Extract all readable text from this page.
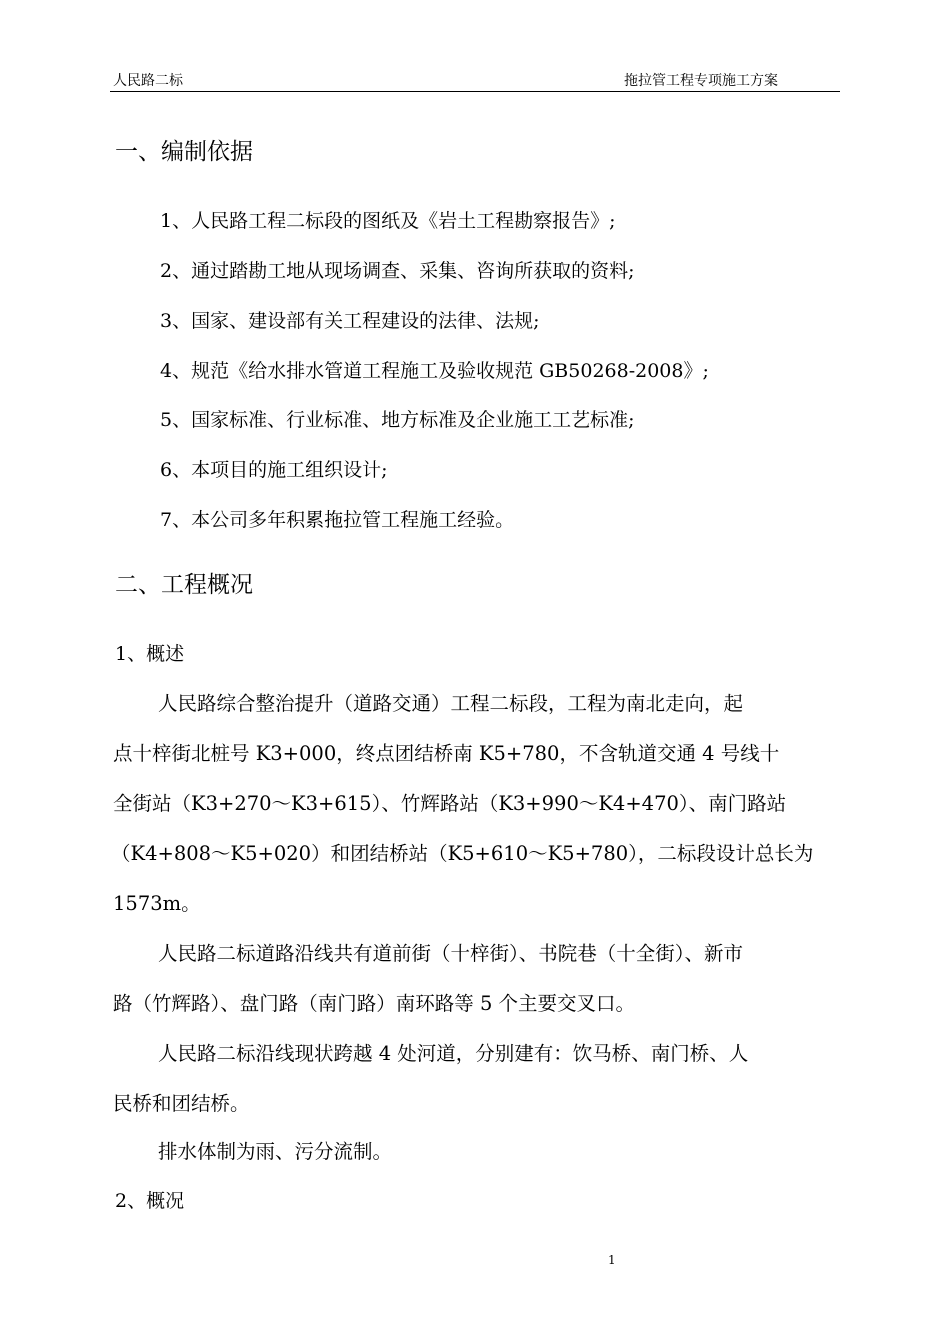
人民路二标	拖拉管工程专项施工方案
一、编制依据
1、人民路工程二标段的图纸及《岩土工程勘察报告》;
2、通过踏勘工地从现场调查、采集、咨询所获取的资料;
3、国家、建设部有关工程建设的法律、法规;
4、规范《给水排水管道工程施工及验收规范 GB50268-2008》;
5、国家标准、行业标准、地方标准及企业施工工艺标准;
6、本项目的施工组织设计;
7、本公司多年积累拖拉管工程施工经验。
二、工程概况
1、概述
人民路综合整治提升（道路交通）工程二标段，工程为南北走向，起
点十梓街北桩号 K3+000，终点团结桥南 K5+780，不含轨道交通 4 号线十
全街站（K3+270～K3+615）、竹辉路站（K3+990～K4+470）、南门路站
（K4+808～K5+020）和团结桥站（K5+610～K5+780），二标段设计总长为
1573m。
人民路二标道路沿线共有道前街（十梓街）、书院巷（十全街）、新市
路（竹辉路）、盘门路（南门路）南环路等 5 个主要交叉口。
人民路二标沿线现状跨越 4 处河道，分别建有：饮马桥、南门桥、人
民桥和团结桥。
排水体制为雨、污分流制。
2、概况
1
